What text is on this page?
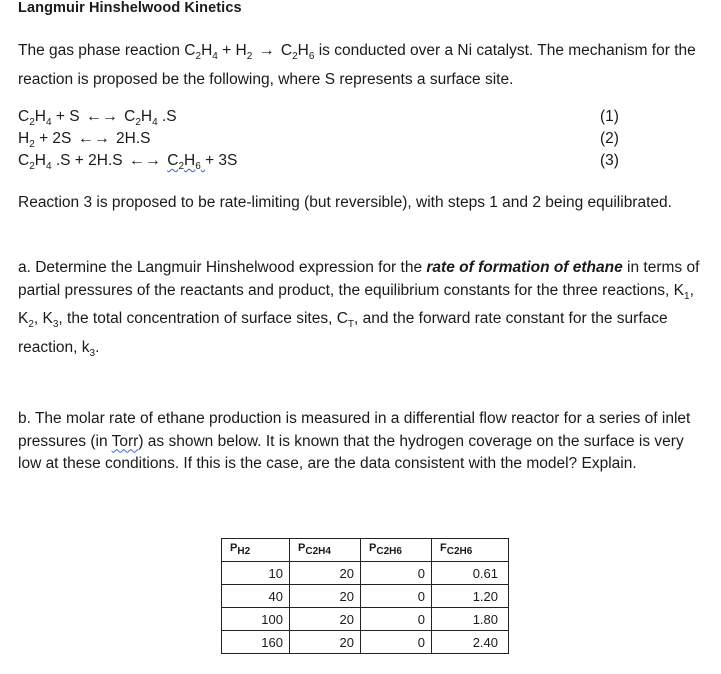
Langmuir Hinshelwood Kinetics
The gas phase reaction $C_2H_4 + H_2 \to C_2H_6$ is conducted over a Ni catalyst. The mechanism for the reaction is proposed be the following, where S represents a surface site.
$C_2H_4 + S$ ←→ $C_2H_4$ .S	(1)
$H_2 + 2S$ ←→ 2H.S	(2)
$C_2H_4$ .S + 2H.S ←→ $C_2H_6 + 3S$	(3)
Reaction 3 is proposed to be rate-limiting (but reversible), with steps 1 and 2 being equilibrated.
a. Determine the Langmuir Hinshelwood expression for the rate of formation of ethane in terms of partial pressures of the reactants and product, the equilibrium constants for the three reactions, $K_1$, $K_2$, $K_3$, the total concentration of surface sites, $C_T$, and the forward rate constant for the surface reaction, $k_3$.
b. The molar rate of ethane production is measured in a differential flow reactor for a series of inlet pressures (in Torr) as shown below. It is known that the hydrogen coverage on the surface is very low at these conditions. If this is the case, are the data consistent with the model? Explain.
$P_{H2}$	$P_{C2H4}$	$P_{C2H6}$	$F_{C2H6}$
10	20	0	0.61
40	20	0	1.20
100	20	0	1.80
160	20	0	2.40
